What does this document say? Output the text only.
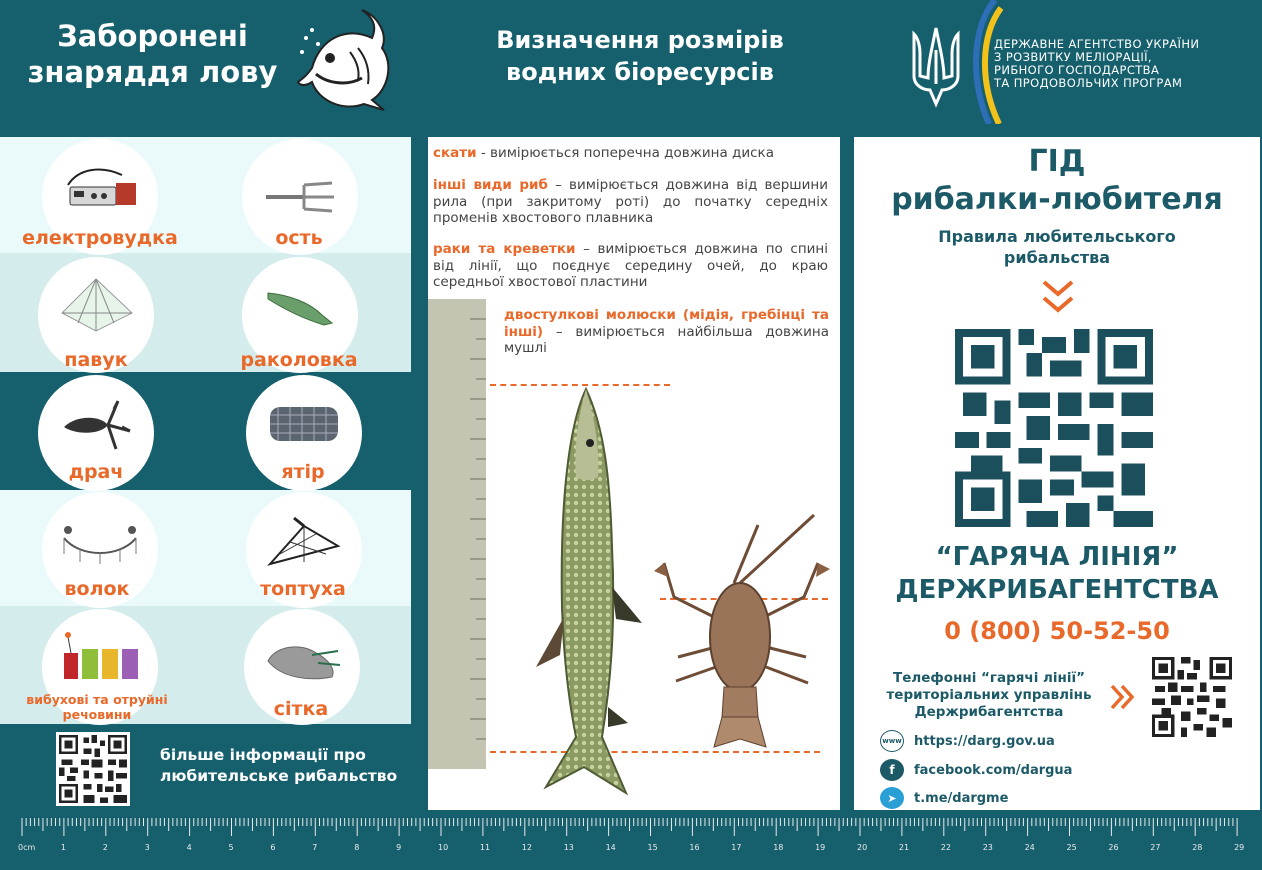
Заборонені
знаряддя лову
Визначення розмірів
водних біоресурсів
ДЕРЖАВНЕ АГЕНТСТВО УКРАЇНИ
З РОЗВИТКУ МЕЛІОРАЦІЇ,
РИБНОГО ГОСПОДАРСТВА
ТА ПРОДОВОЛЬЧИХ ПРОГРАМ
електровудка	ость
павук	раколовка
драч	ятір
волок	топтуха
вибухові та отруйні речовини	сітка
більше інформації про любительське рибальство
скати - вимірюється поперечна довжина диска
інші види риб – вимірюється довжина від вершини рила (при закритому роті) до початку середніх променів хвостового плавника
раки та креветки – вимірюється довжина по спині від лінії, що поєднує середину очей, до краю середньої хвостової пластини
двостулкові молюски (мідія, гребінці та інші) – вимірюється найбільша довжина мушлі
ГІД
рибалки-любителя
Правила любительського рибальства
“ГАРЯЧА ЛІНІЯ”
ДЕРЖРИБАГЕНТСТВА
0 (800) 50-52-50
Телефонні “гарячі лінії” територіальних управлінь Держрибагентства
www https://darg.gov.ua
f	facebook.com/dargua
➤	t.me/dargme
0cm	1	2	3	4	5	6	7	8	9	10	11	12	13	14	15	16	17	18	19	20	21	22	23	24	25	26	27	28	29
